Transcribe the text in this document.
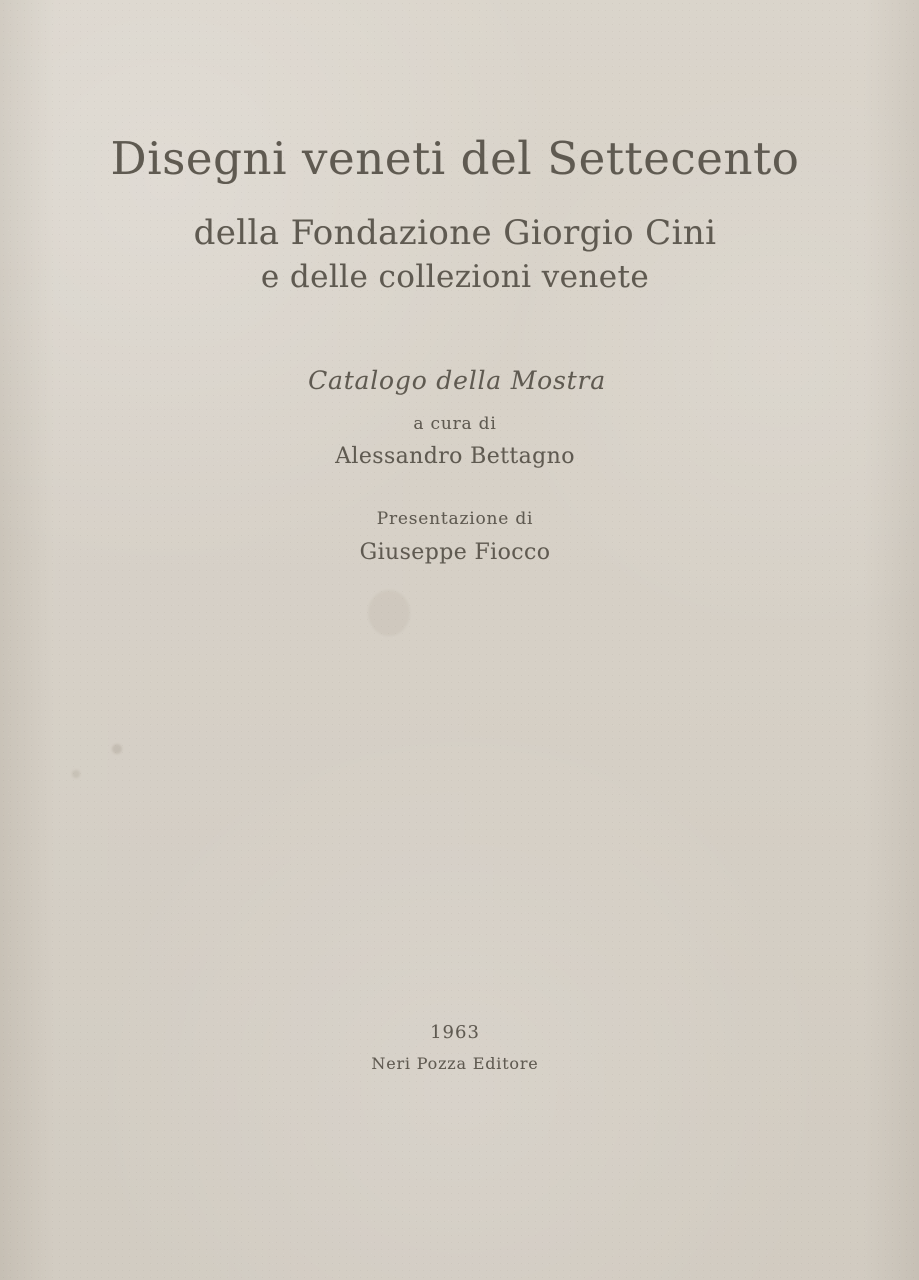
Disegni veneti del Settecento
della Fondazione Giorgio Cini
e delle collezioni venete
Catalogo della Mostra
a cura di
Alessandro Bettagno
Presentazione di
Giuseppe Fiocco
1963
Neri Pozza Editore
